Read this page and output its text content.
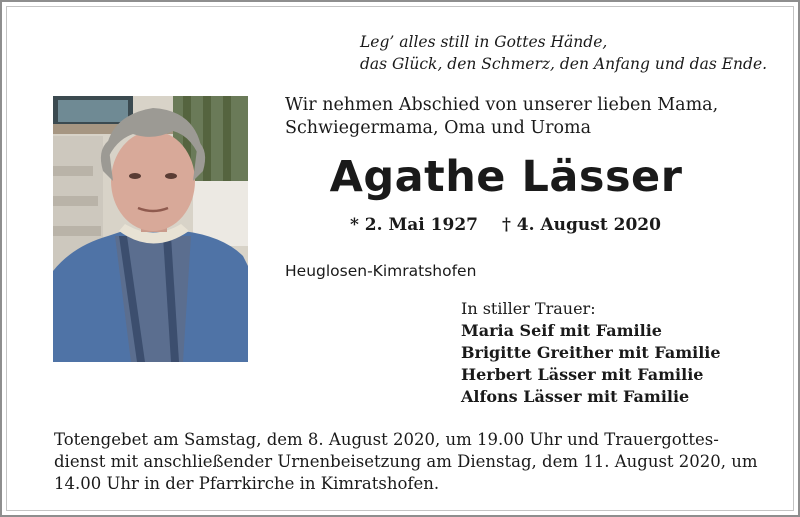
Leg’ alles still in Gottes Hände,
das Glück, den Schmerz, den Anfang und das Ende.
Wir nehmen Abschied von unserer lieben Mama,
Schwiegermama, Oma und Uroma
Agathe Lässer
* 2. Mai 1927 † 4. August 2020
Heuglosen-Kimratshofen
In stiller Trauer:
Maria Seif mit Familie
Brigitte Greither mit Familie
Herbert Lässer mit Familie
Alfons Lässer mit Familie
Totengebet am Samstag, dem 8. August 2020, um 19.00 Uhr und Trauergottes-
dienst mit anschließender Urnenbeisetzung am Dienstag, dem 11. August 2020, um
14.00 Uhr in der Pfarrkirche in Kimratshofen.
